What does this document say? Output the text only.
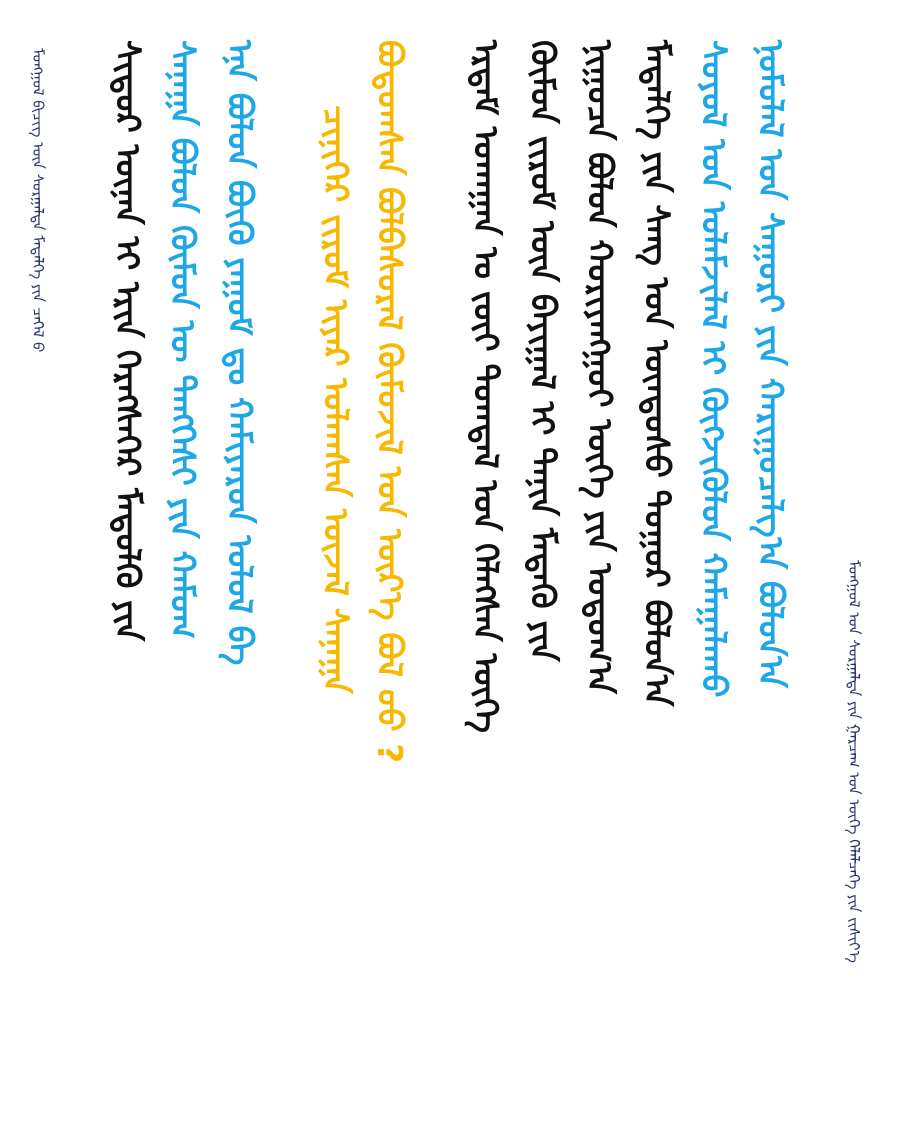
ᠮᠣᠩᠭᠣᠯ ᠪᠢᠴᠢᠭ ᠦᠨ ᠰᠤᠷᠭᠠᠯᠲᠠ ᠮᠡᠳᠡᠯᠭᠡ ᠶᠢᠨ ᠴᠡᠭᠡᠯ ᠪ ᠰᠢᠳᠤᠷ ᠦᠨᠡᠨ ᠢ ᠡᠷᠢᠨ ᠬᠡᠷᠡᠭᠰᠡᠭᠡᠷ ᠮᠡᠳᠦᠯᠬᠦ ᠶᠢᠨ ᠰᠠᠨᠠᠭᠠ ᠪᠣᠯᠤᠨ ᠬᠥᠮᠦᠨ ᠦ ᠲᠡᠩᠭᠡᠰᠢ ᠶᠢᠨ ᠬᠠᠮᠤᠭ ᠡᠨᠡ ᠪᠣᠯᠤᠨ ᠪᠦᠬᠦ ᠶᠠᠭᠤᠮ ᠳᠤ ᠬᠠᠮᠢᠶᠠᠷᠤᠨ ᠤᠯᠤᠯ ᠪᠡ ᠴᠢᠨᠢᠭᠡᠷ ᠵᠢᠷᠤᠮ ᠢᠶᠠᠷ ᠤᠯᠠᠭᠰᠠᠨ ᠦᠵᠡᠯ ᠰᠠᠨᠠᠭᠠ ᠪᠣᠳᠣᠭᠰᠠᠨ ᠪᠣᠯᠪᠠᠰᠤᠷᠠᠯ ᠬᠥᠮᠦᠵᠢᠯ ᠤᠨ ᠦᠷ᠎ᠡ ᠪᠣᠯ ᠤᠤ ? ᠡᠷᠳᠡᠮ ᠤᠬᠠᠭᠠᠨ ᠤ ᠵᠦᠢ ᠲᠣᠭᠲᠠᠯ ᠤᠨ ᠬᠡᠯᠡᠭᠰᠡᠨ ᠦᠭᠡ ᠬᠦᠮᠦᠨ ᠵᠢᠷᠤᠮ ᠦᠨ ᠪᠠᠶᠢᠭᠠᠯ ᠢ ᠲᠠᠨᠢᠨ ᠮᠡᠳᠡᠬᠦ ᠶᠢᠨ ᠨᠢᠭᠤᠴᠠ ᠪᠣᠯᠤᠨ ᠬᠣᠷᠢᠶᠠᠩᠭᠤᠢ ᠦᠭᠡ ᠶᠢᠨ ᠤᠲᠤᠭ᠎ᠠ ᠮᠡᠳᠡᠯᠭᠡ ᠶᠢᠨ ᠰᠠᠩ ᠤᠨ ᠦᠨᠳᠦᠰᠦ ᠲᠤᠭᠤᠷ ᠪᠣᠯᠤᠨ᠎ᠠ ᠰᠣᠶᠣᠯ ᠤᠨ ᠤᠯᠠᠮᠵᠢᠯᠠᠯ ᠢ ᠬᠥᠭᠵᠢᠭᠦᠯᠦᠨ ᠬᠠᠮᠠᠭᠠᠯᠠᠬᠤ ᠨᠣᠮᠤᠯᠠᠯ ᠤᠨ ᠰᠠᠭᠤᠷᠢ ᠶᠢᠨ ᠬᠠᠷᠢᠭᠤᠴᠠᠯᠭ᠎ᠠ ᠪᠣᠯᠤᠨ᠎ᠠ
ᠮᠣᠩᠭᠣᠯ ᠤᠨ ᠰᠤᠷᠭᠠᠯᠲᠠ ᠶᠢᠨ ᠭᠠᠷᠴᠠᠭ ᠤᠨ ᠦᠭᠡ ᠬᠡᠯᠡᠯᠴᠡᠭᠡ ᠶᠢᠨ ᠵᠢᠰᠢᠶ᠎ᠡ
